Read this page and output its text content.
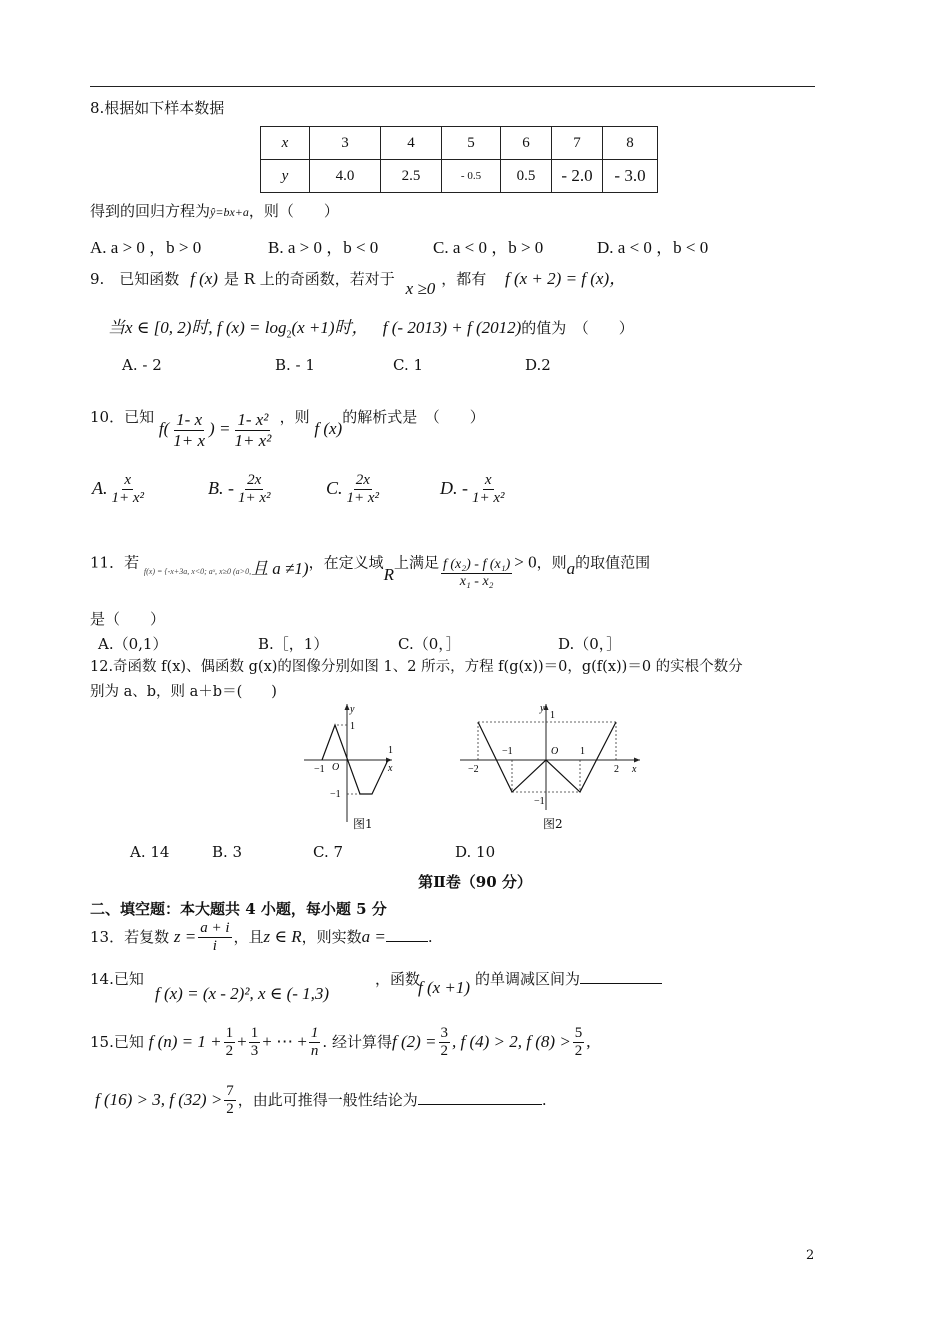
8.根据如下样本数据
x	3	4	5	6	7	8
y	4.0	2.5	- 0.5	0.5	- 2.0	- 3.0
得到的回归方程为ŷ=bx+a，则（　　）
A. a > 0 ，b > 0	B. a > 0 ，b < 0	C. a < 0 ，b > 0	D. a < 0 ，b < 0
9.　已知函数 f (x) 是 R 上的奇函数，若对于 x ≥0 ，都有 f (x + 2) = f (x)，
当x ∈ [0, 2)时, f $(x) = \log_2(x +1)$时， f (- 2013) + f (2012)的值为　（　　）
A. - 2	B. - 1	C. 1	D.2
10．已知 $f( \frac{1- x}{1+ x}$ ) = $\frac{\text{1- x²}}{\text{1+ x²}}$ ，则 f (x)的解析式是　（　　）
A. $\frac{x}{\text{1+ x²}}$	B. - $\frac{2x}{\text{1+ x²}}$	C. $\frac{2x}{\text{1+ x²}}$	D. - $\frac{x}{\text{1+ x²}}$
11．若 $_{f(x) = \{-x+3a, x<0; aˣ, x\ge 0 (a>0,}$且 a ≠1)，在定义域R上满足 $\frac{\text{f (x₂) - f (x₁)}}{\text{x₁ - x₂}} > 0$，则a的取值范围
是（　　）
A.（0,1）	B.［，1）	C.（0，］	D.（0，］
12.奇函数 f(x)、偶函数 g(x)的图像分别如图 1、2 所示，方程 f(g(x))＝0，g(f(x))＝0 的实根个数分
别为 a、b，则 a＋b＝(　　)
y
x
1
1
−1 O
−1
图1
y
x
1
−1	1
O
−2	2
−1
图2
A. 14	B. 3	C. 7	D. 10
第Ⅱ卷（90 分）
二、填空题：本大题共 4 小题，每小题 5 分
13．若复数 $z = \frac{a + i}{i}$ ，且z ∈ R，则实数a =	.
14.已知
f (x) = (x - 2)², x ∈ (- 1,3)
，函数
f (x +1) 的单调减区间为
15.已知 f $(n) = 1 + \frac{1}{2} + \frac{1}{3}$ + ⋯ + $\frac{1}{n}$ . 经计算得f $(2) = \frac{3}{2}$ , f (4) > 2, f $(8) > \frac{5}{2}$ ,
f (16) > 3, f $(32) > \frac{7}{2}$ ，由此可推得一般性结论为	.
2
